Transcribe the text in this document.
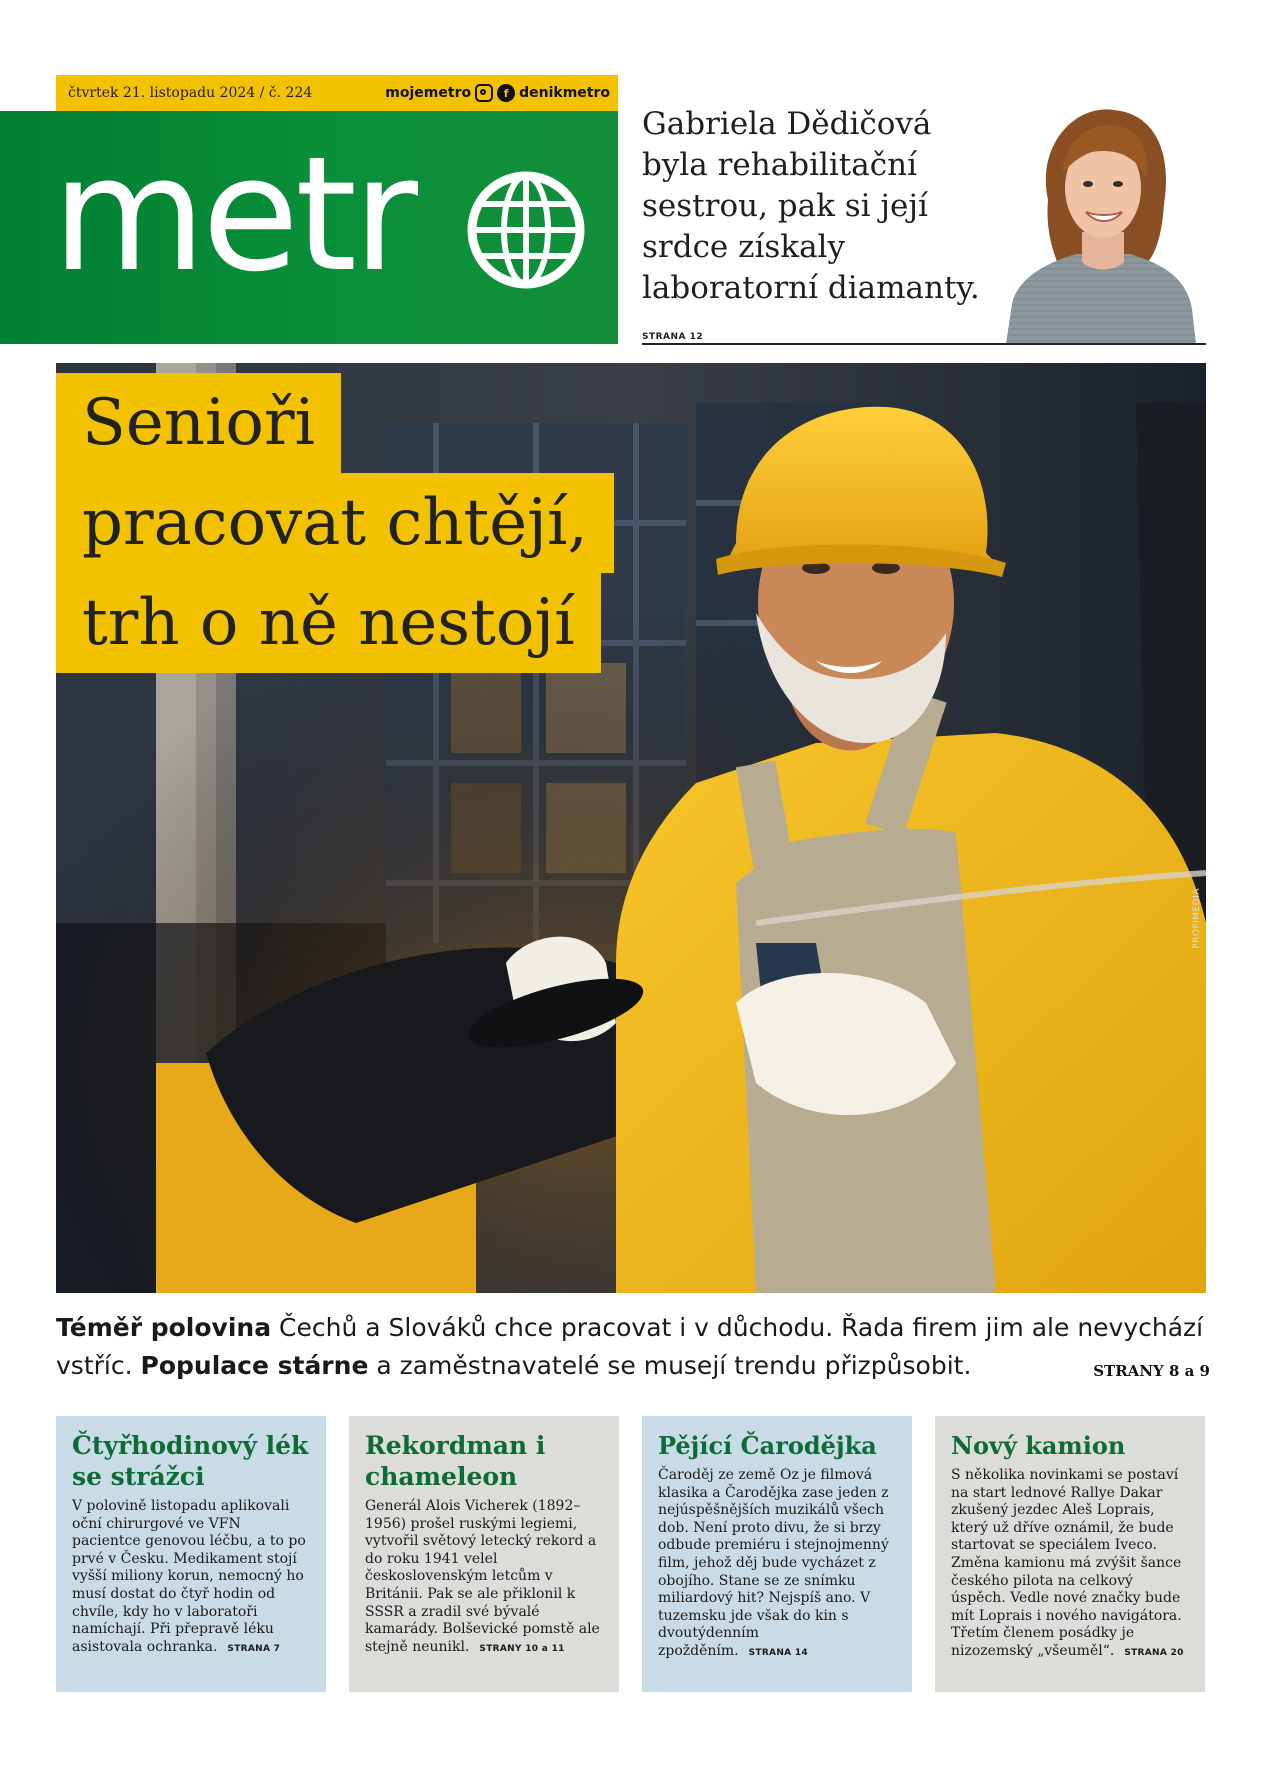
čtvrtek 21. listopadu 2024 / č. 224	mojemetro	f denikmetro
metr	Gabriela Dědičová byla rehabilitační sestrou, pak si její srdce získaly laboratorní diamanty. STRANA 12
Senioři
pracovat chtějí,
trh o ně nestojí
PROFIMEDIA
Téměř polovina Čechů a Slováků chce pracovat i v důchodu. Řada firem jim ale nevychází vstříc. Populace stárne a zaměstnavatelé se musejí trendu přizpůsobit.	STRANY 8 a 9
Čtyřhodinový lék se strážci

V polovině listopadu aplikovali oční chirurgové ve VFN pacientce genovou léčbu, a to po prvé v Česku. Medikament stojí vyšší miliony korun, nemocný ho musí dostat do čtyř hodin od chvíle, kdy ho v laboratoři namíchají. Při přepravě léku asistovala ochranka. STRANA 7

Rekordman i chameleon

Generál Alois Vicherek (1892–1956) prošel ruskými legiemi, vytvořil světový letecký rekord a do roku 1941 velel československým letcům v Británii. Pak se ale přiklonil k SSSR a zradil své bývalé kamarády. Bolševické pomstě ale stejně neunikl. STRANY 10 a 11

Pějící Čarodějka

Čaroděj ze země Oz je filmová klasika a Čarodějka zase jeden z nejúspěšnějších muzikálů všech dob. Není proto divu, že si brzy odbude premiéru i stejnojmenný film, jehož děj bude vycházet z obojího. Stane se ze snímku miliardový hit? Nejspíš ano. V tuzemsku jde však do kin s dvoutýdenním zpožděním. STRANA 14

Nový kamion

S několika novinkami se postaví na start lednové Rallye Dakar zkušený jezdec Aleš Loprais, který už dříve oznámil, že bude startovat se speciálem Iveco. Změna kamionu má zvýšit šance českého pilota na celkový úspěch. Vedle nové značky bude mít Loprais i nového navigátora. Třetím členem posádky je nizozemský „všeuměl“. STRANA 20
